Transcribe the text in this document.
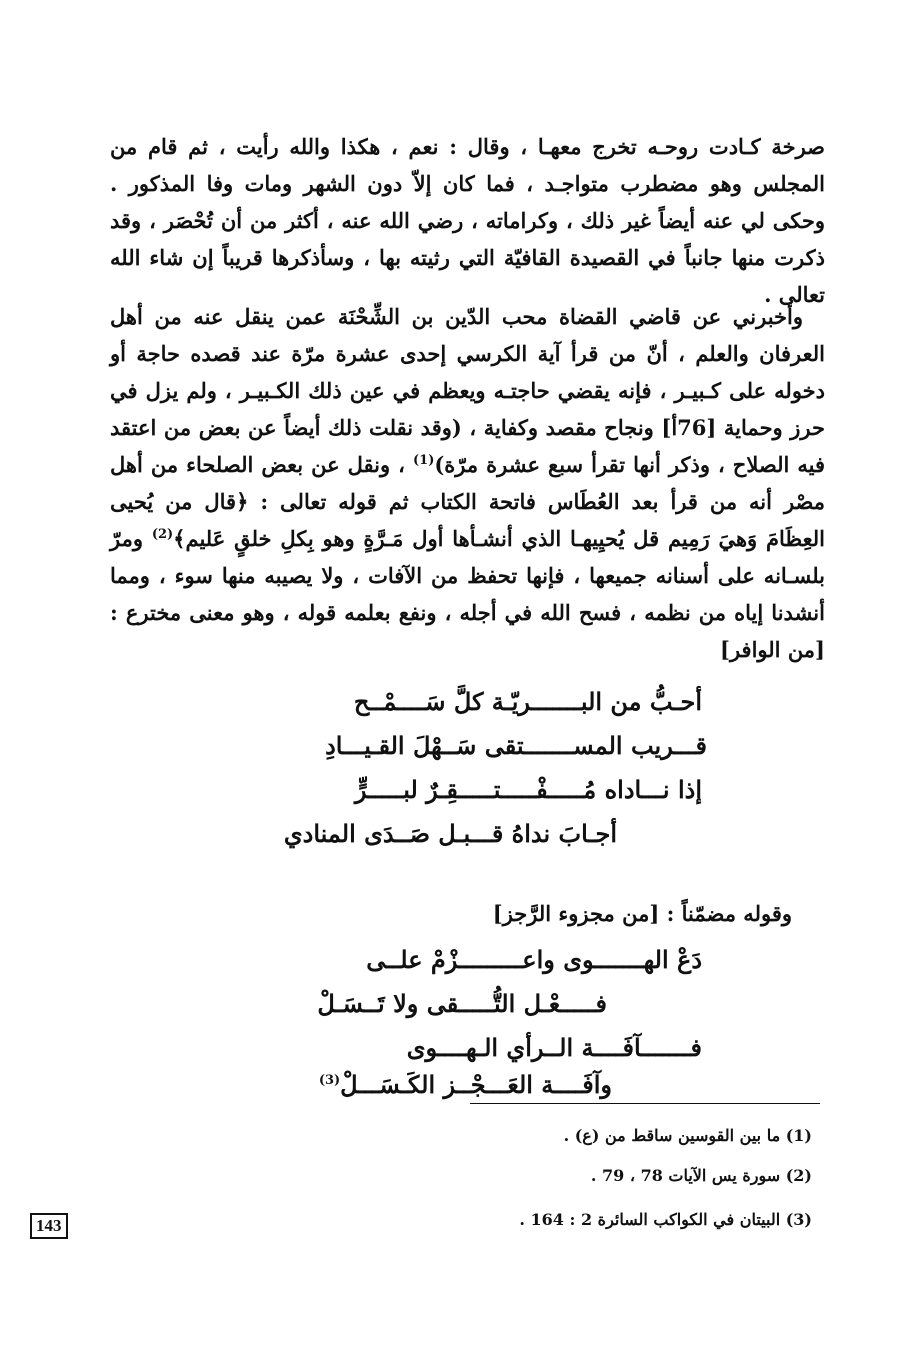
صرخة كـادت روحـه تخرج معهـا ، وقال : نعم ، هكذا والله رأيت ، ثم قام من المجلس وهو مضطرب متواجـد ، فما كان إلاّ دون الشهر ومات وفا المذكور . وحكى لي عنه أيضاً غير ذلك ، وكراماته ، رضي الله عنه ، أكثر من أن تُحْصَر ، وقد ذكرت منها جانباً في القصيدة القافيّة التي رثيته بها ، وسأذكرها قريباً إن شاء الله تعالى .

وأخبرني عن قاضي القضاة محب الدّين بن الشِّحْنَة عمن ينقل عنه من أهل العرفان والعلم ، أنّ من قرأ آية الكرسي إحدى عشرة مرّة عند قصده حاجة أو دخوله على كـبيـر ، فإنه يقضي حاجتـه ويعظم في عين ذلك الكـبيـر ، ولم يزل في حرز وحماية [76أ] ونجاح مقصد وكفاية ، (وقد نقلت ذلك أيضاً عن بعض من اعتقد فيه الصلاح ، وذكر أنها تقرأ سبع عشرة مرّة)$^{(1)}$ ، ونقل عن بعض الصلحاء من أهل مصْر أنه من قرأ بعد العُطَاس فاتحة الكتاب ثم قوله تعالى : ﴿قال من يُحيى العِظَامَ وَهيَ رَمِيم قل يُحيِيهـا الذي أنشـأها أول مَـرَّةٍ وهو بِكلِ خلقٍ عَليم﴾$^{(2)}$ ومرّ بلسـانه على أسنانه جميعها ، فإنها تحفظ من الآفات ، ولا يصيبه منها سوء ، ومما أنشدنا إياه من نظمه ، فسح الله في أجله ، ونفع بعلمه قوله ، وهو معنى مخترع : [من الوافر]

أحـبُّ من البـــــــريّـة كلَّ سَــــمْــح
قـــريب المســـــــتقى سَــهْلَ القـيـــادِ
إذا نـــاداه مُـــــفْـــــتـــــقِـرٌ لبـــــرٍّ
أجـابَ نداهُ قـــبـل صَــدَى المنادي
وقوله مضمّناً : [من مجزوء الرَّجز]
دَعْ الهـــــــوى واعـــــــــزْمْ علــى
فـــــعْـل التُّـــــقى ولا تَــسَـلْ
فـــــــآفَــــة الــرأي الـهــــوى
وآفَــــة العَـــجْــز الكَـسَـــلْ$^{(3)}$
(1) ما بين القوسين ساقط من (ع) .
(2) سورة يس الآيات 78 ، 79 .
(3) البيتان في الكواكب السائرة 2 : 164 .
143
